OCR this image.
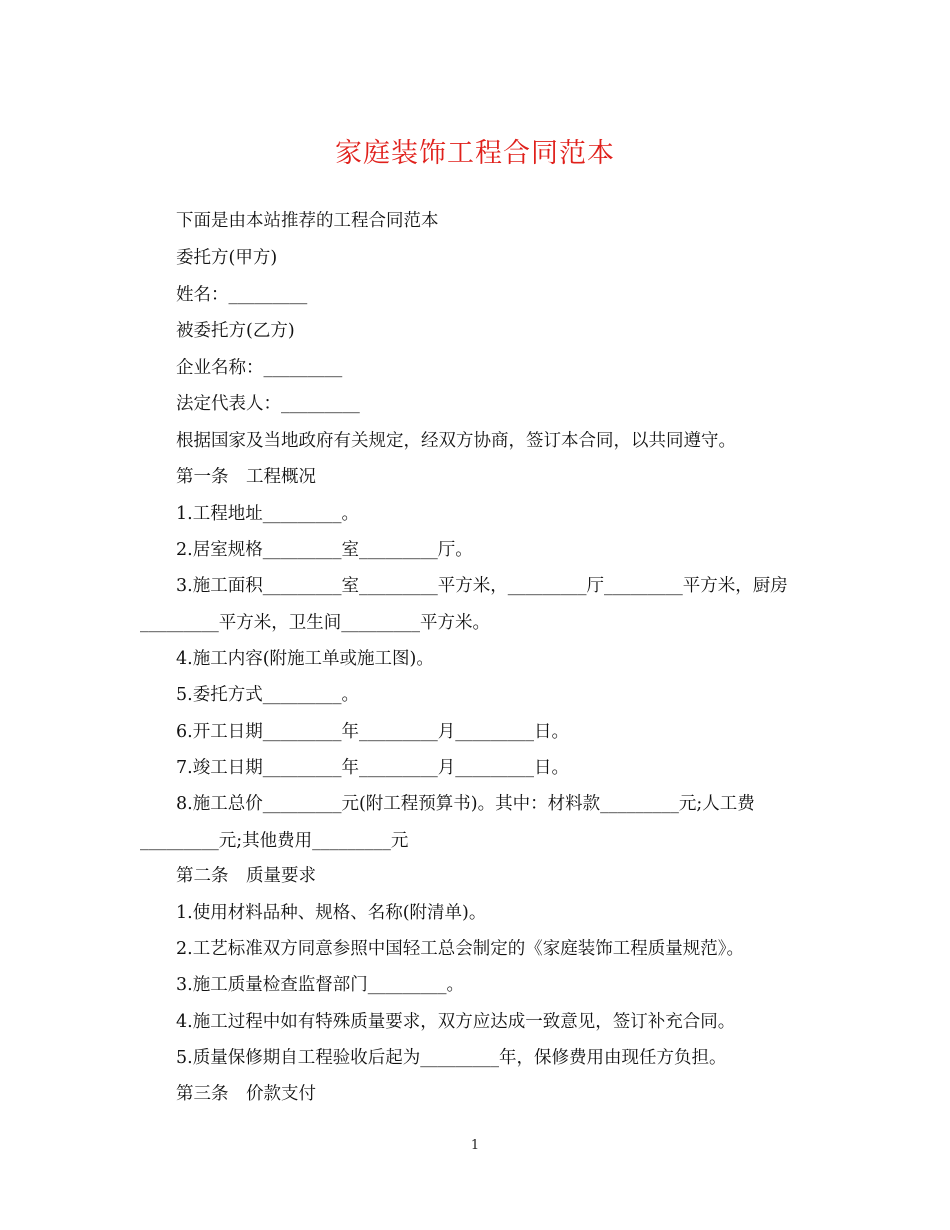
家庭装饰工程合同范本
下面是由本站推荐的工程合同范本
委托方(甲方)
姓名：_________
被委托方(乙方)
企业名称：_________
法定代表人：_________
根据国家及当地政府有关规定，经双方协商，签订本合同，以共同遵守。
第一条　工程概况
1.工程地址_________。
2.居室规格_________室_________厅。
3.施工面积_________室_________平方米，_________厅_________平方米，厨房_________平方米，卫生间_________平方米。
4.施工内容(附施工单或施工图)。
5.委托方式_________。
6.开工日期_________年_________月_________日。
7.竣工日期_________年_________月_________日。
8.施工总价_________元(附工程预算书)。其中：材料款_________元;人工费_________元;其他费用_________元
第二条　质量要求
1.使用材料品种、规格、名称(附清单)。
2.工艺标准双方同意参照中国轻工总会制定的《家庭装饰工程质量规范》。
3.施工质量检查监督部门_________。
4.施工过程中如有特殊质量要求，双方应达成一致意见，签订补充合同。
5.质量保修期自工程验收后起为_________年，保修费用由现任方负担。
第三条　价款支付
1
